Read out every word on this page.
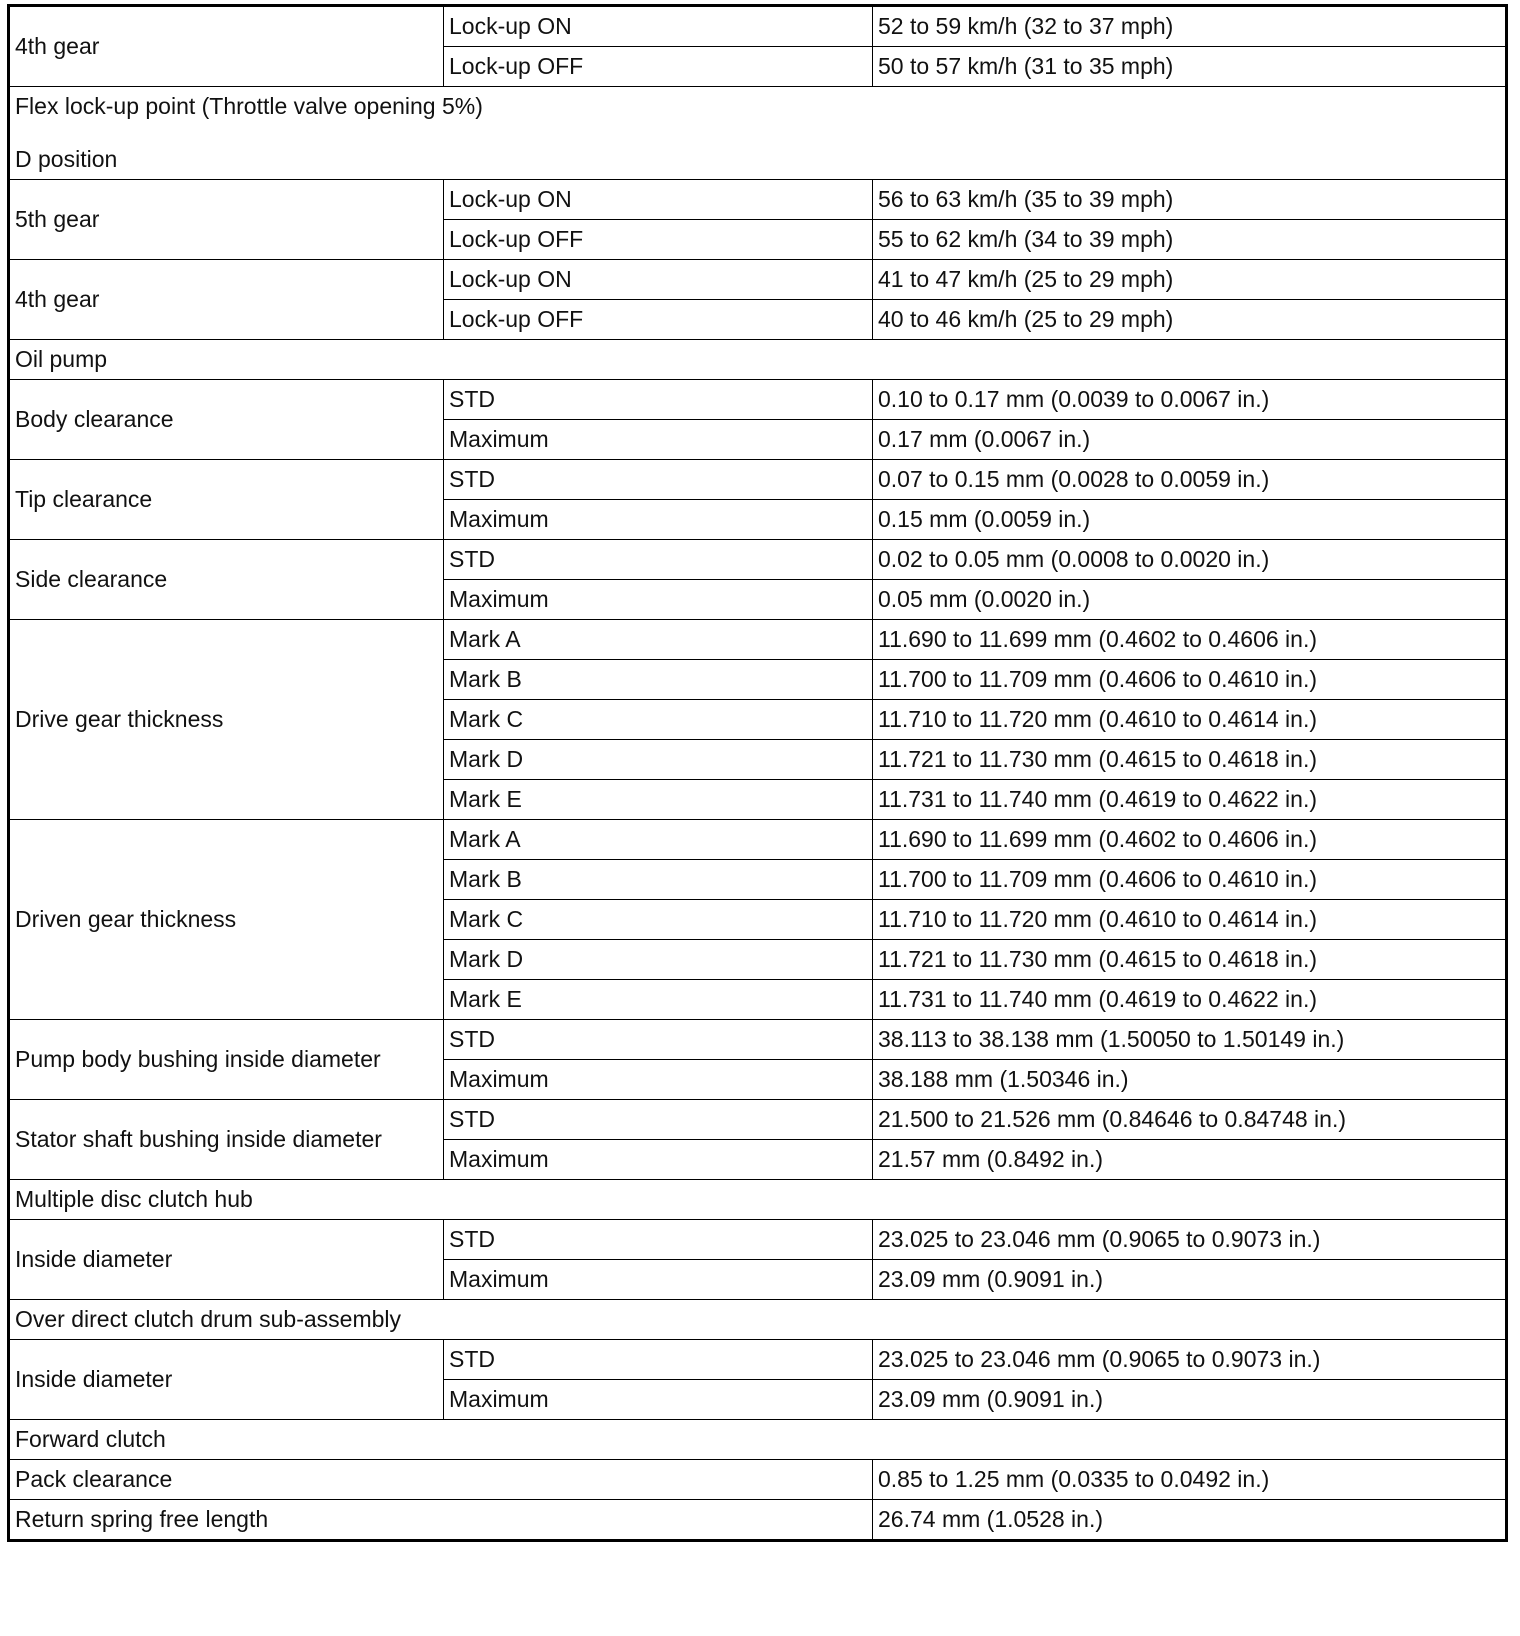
4th gear	Lock-up ON	52 to 59 km/h (32 to 37 mph)
	Lock-up OFF	50 to 57 km/h (31 to 35 mph)

Flex lock-up point (Throttle valve opening 5%)
D position		

5th gear	Lock-up ON	56 to 63 km/h (35 to 39 mph)
	Lock-up OFF	55 to 62 km/h (34 to 39 mph)
4th gear	Lock-up ON	41 to 47 km/h (25 to 29 mph)
	Lock-up OFF	40 to 46 km/h (25 to 29 mph)
Oil pump		
Body clearance	STD	0.10 to 0.17 mm (0.0039 to 0.0067 in.)
	Maximum	0.17 mm (0.0067 in.)
Tip clearance	STD	0.07 to 0.15 mm (0.0028 to 0.0059 in.)
	Maximum	0.15 mm (0.0059 in.)
Side clearance	STD	0.02 to 0.05 mm (0.0008 to 0.0020 in.)
	Maximum	0.05 mm (0.0020 in.)
Drive gear thickness	Mark A	11.690 to 11.699 mm (0.4602 to 0.4606 in.)
	Mark B	11.700 to 11.709 mm (0.4606 to 0.4610 in.)
	Mark C	11.710 to 11.720 mm (0.4610 to 0.4614 in.)
	Mark D	11.721 to 11.730 mm (0.4615 to 0.4618 in.)
	Mark E	11.731 to 11.740 mm (0.4619 to 0.4622 in.)
Driven gear thickness	Mark A	11.690 to 11.699 mm (0.4602 to 0.4606 in.)
	Mark B	11.700 to 11.709 mm (0.4606 to 0.4610 in.)
	Mark C	11.710 to 11.720 mm (0.4610 to 0.4614 in.)
	Mark D	11.721 to 11.730 mm (0.4615 to 0.4618 in.)
	Mark E	11.731 to 11.740 mm (0.4619 to 0.4622 in.)
Pump body bushing inside diameter	STD	38.113 to 38.138 mm (1.50050 to 1.50149 in.)
	Maximum	38.188 mm (1.50346 in.)
Stator shaft bushing inside diameter	STD	21.500 to 21.526 mm (0.84646 to 0.84748 in.)
	Maximum	21.57 mm (0.8492 in.)
Multiple disc clutch hub		
Inside diameter	STD	23.025 to 23.046 mm (0.9065 to 0.9073 in.)
	Maximum	23.09 mm (0.9091 in.)
Over direct clutch drum sub-assembly		
Inside diameter	STD	23.025 to 23.046 mm (0.9065 to 0.9073 in.)
	Maximum	23.09 mm (0.9091 in.)
Forward clutch		
Pack clearance		0.85 to 1.25 mm (0.0335 to 0.0492 in.)
Return spring free length		26.74 mm (1.0528 in.)
